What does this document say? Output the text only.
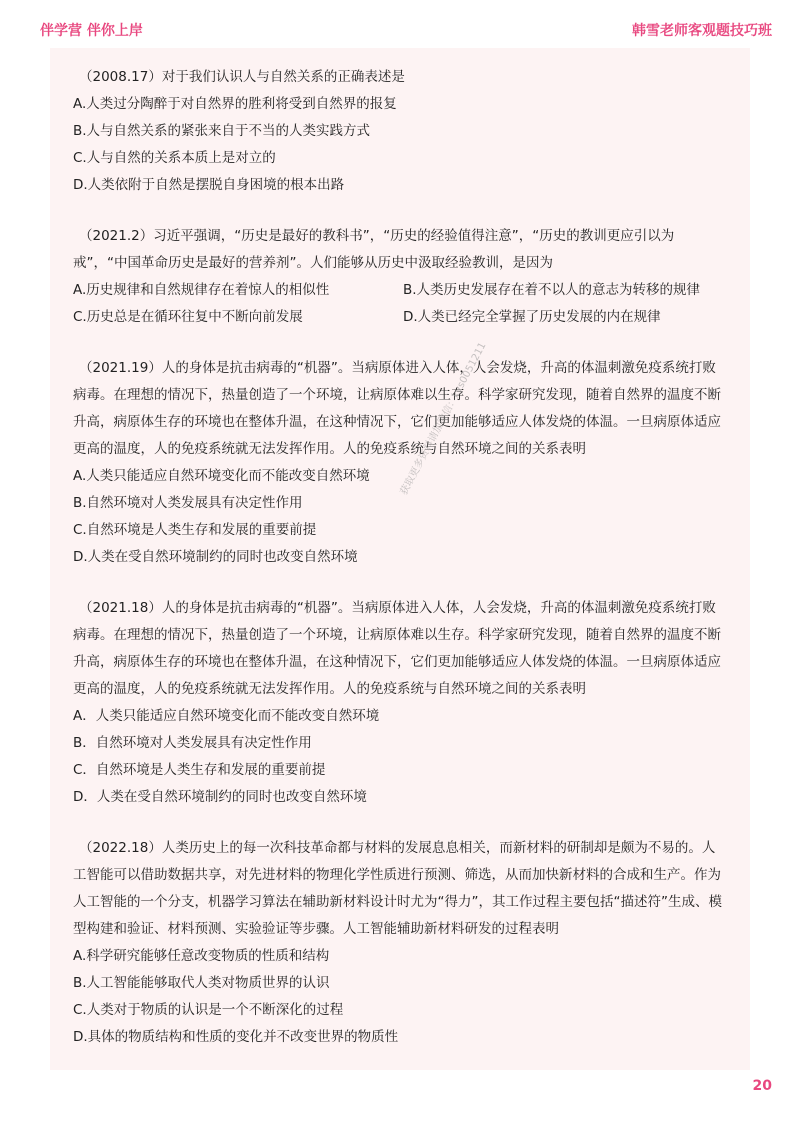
伴学营 伴你上岸	韩雪老师客观题技巧班

（2008.17）对于我们认识人与自然关系的正确表述是

A.人类过分陶醉于对自然界的胜利将受到自然界的报复

B.人与自然关系的紧张来自于不当的人类实践方式

C.人与自然的关系本质上是对立的

D.人类依附于自然是摆脱自身困境的根本出路

（2021.2）习近平强调，“历史是最好的教科书”，“历史的经验值得注意”，“历史的教训更应引以为戒”，“中国革命历史是最好的营养剂”。人们能够从历史中汲取经验教训，是因为

A.历史规律和自然规律存在着惊人的相似性	B.人类历史发展存在着不以人的意志为转移的规律

C.历史总是在循环往复中不断向前发展	D.人类已经完全掌握了历史发展的内在规律

（2021.19）人的身体是抗击病毒的“机器”。当病原体进入人体，人会发烧，升高的体温刺激免疫系统打败病毒。在理想的情况下，热量创造了一个环境，让病原体难以生存。科学家研究发现，随着自然界的温度不断升高，病原体生存的环境也在整体升温，在这种情况下，它们更加能够适应人体发烧的体温。一旦病原体适应更高的温度，人的免疫系统就无法发挥作用。人的免疫系统与自然环境之间的关系表明

A.人类只能适应自然环境变化而不能改变自然环境

B.自然环境对人类发展具有决定性作用

C.自然环境是人类生存和发展的重要前提

D.人类在受自然环境制约的同时也改变自然环境

（2021.18）人的身体是抗击病毒的“机器”。当病原体进入人体，人会发烧，升高的体温刺激免疫系统打败病毒。在理想的情况下，热量创造了一个环境，让病原体难以生存。科学家研究发现，随着自然界的温度不断升高，病原体生存的环境也在整体升温，在这种情况下，它们更加能够适应人体发烧的体温。一旦病原体适应更高的温度，人的免疫系统就无法发挥作用。人的免疫系统与自然环境之间的关系表明

A．人类只能适应自然环境变化而不能改变自然环境

B．自然环境对人类发展具有决定性作用

C．自然环境是人类生存和发展的重要前提

D．人类在受自然环境制约的同时也改变自然环境

（2022.18）人类历史上的每一次科技革命都与材料的发展息息相关，而新材料的研制却是颇为不易的。人工智能可以借助数据共享，对先进材料的物理化学性质进行预测、筛选，从而加快新材料的合成和生产。作为人工智能的一个分支，机器学习算法在辅助新材料设计时尤为“得力”，其工作过程主要包括“描述符”生成、模型构建和验证、材料预测、实验验证等步骤。人工智能辅助新材料研发的过程表明

A.科学研究能够任意改变物质的性质和结构

B.人工智能能够取代人类对物质世界的认识

C.人类对于物质的认识是一个不断深化的过程

D.具体的物质结构和性质的变化并不改变世界的物质性

获取更多资料请加微信：kys0051211
20
